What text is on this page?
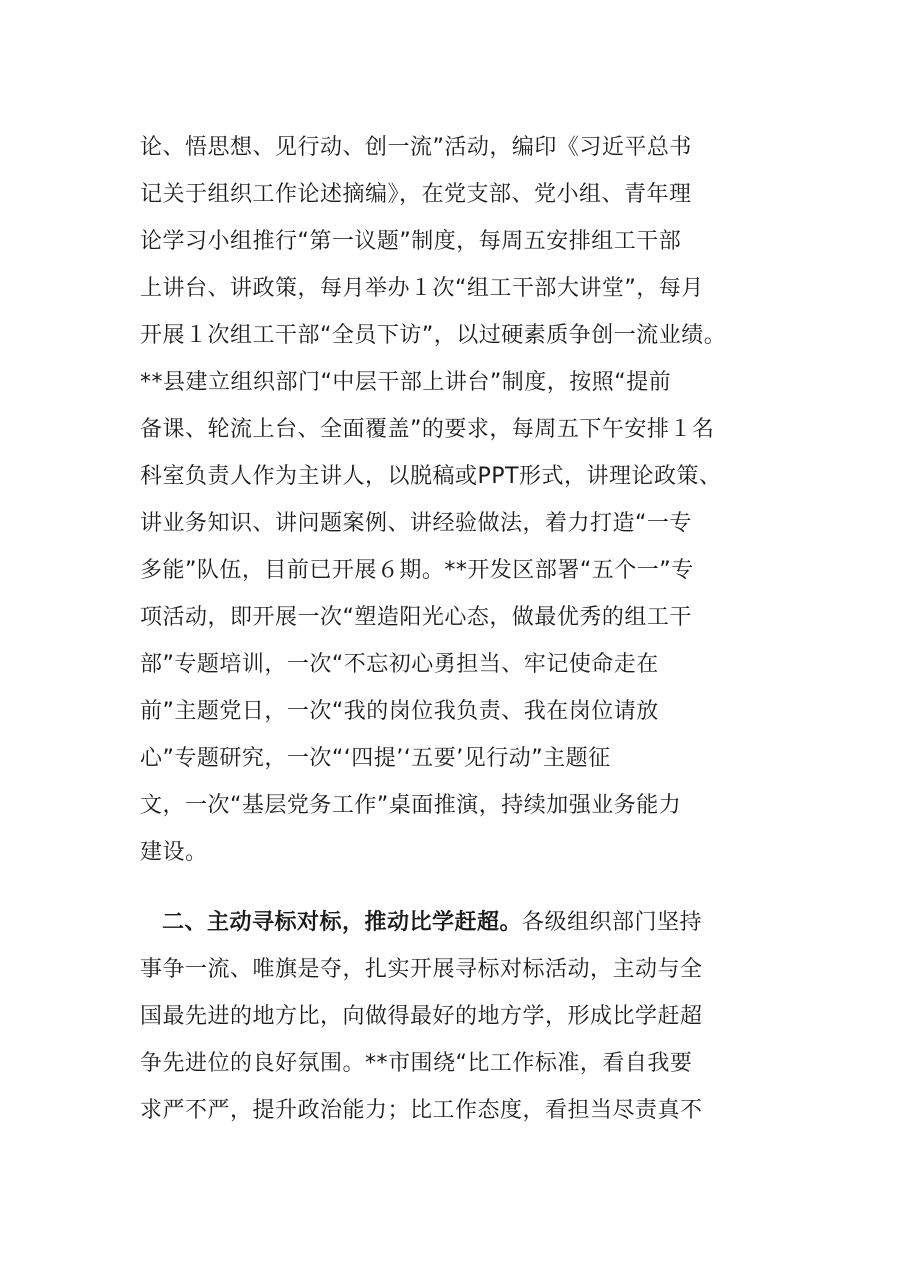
论、悟思想、见行动、创一流”活动，编印《习近平总书
记关于组织工作论述摘编》，在党支部、党小组、青年理
论学习小组推行“第一议题”制度，每周五安排组工干部
上讲台、讲政策，每月举办１次“组工干部大讲堂”，每月
开展１次组工干部“全员下访”，以过硬素质争创一流业绩。
**县建立组织部门“中层干部上讲台”制度，按照“提前
备课、轮流上台、全面覆盖”的要求，每周五下午安排１名
科室负责人作为主讲人，以脱稿或PPT形式，讲理论政策、
讲业务知识、讲问题案例、讲经验做法，着力打造“一专
多能”队伍，目前已开展６期。**开发区部署“五个一”专
项活动，即开展一次“塑造阳光心态，做最优秀的组工干
部”专题培训，一次“不忘初心勇担当、牢记使命走在
前”主题党日，一次“我的岗位我负责、我在岗位请放
心”专题研究，一次“‘四提’‘五要’见行动”主题征
文，一次“基层党务工作”桌面推演，持续加强业务能力
建设。
二、主动寻标对标，推动比学赶超。各级组织部门坚持
事争一流、唯旗是夺，扎实开展寻标对标活动，主动与全
国最先进的地方比，向做得最好的地方学，形成比学赶超
争先进位的良好氛围。**市围绕“比工作标准，看自我要
求严不严，提升政治能力；比工作态度，看担当尽责真不
